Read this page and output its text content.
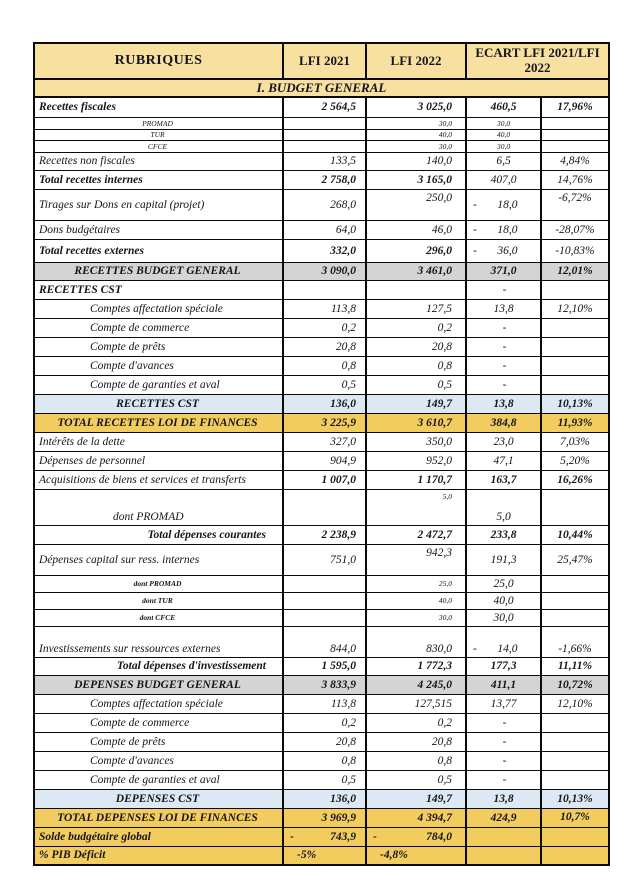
RUBRIQUES	LFI 2021	LFI 2022	ECART LFI 2021/LFI 2022	
I. BUDGET GENERAL				
Recettes fiscales	2 564,5	3 025,0	460,5	17,96%
PROMAD		30,0	30,0	
TUR		40,0	40,0	
CFCE		30,0	30,0	
Recettes non fiscales	133,5	140,0	6,5	4,84%
Total recettes internes	2 758,0	3 165,0	407,0	14,76%
Tirages sur Dons en capital (projet)	268,0	250,0	- 18,0	-6,72%
Dons budgétaires	64,0	46,0	- 18,0	-28,07%
Total recettes externes	332,0	296,0	- 36,0	-10,83%
RECETTES BUDGET GENERAL	3 090,0	3 461,0	371,0	12,01%
RECETTES CST			-	
Comptes affectation spéciale	113,8	127,5	13,8	12,10%
Compte de commerce	0,2	0,2	-	
Compte de prêts	20,8	20,8	-	
Compte d'avances	0,8	0,8	-	
Compte de garanties et aval	0,5	0,5	-	
RECETTES CST	136,0	149,7	13,8	10,13%
TOTAL RECETTES LOI DE FINANCES	3 225,9	3 610,7	384,8	11,93%
Intérêts de la dette	327,0	350,0	23,0	7,03%
Dépenses de personnel	904,9	952,0	47,1	5,20%
Acquisitions de biens et services et transferts	1 007,0	1 170,7	163,7	16,26%
dont PROMAD		5,0	5,0	
Total dépenses courantes	2 238,9	2 472,7	233,8	10,44%
Dépenses capital sur ress. internes	751,0	942,3	191,3	25,47%
dont PROMAD		25,0	25,0	
dont TUR		40,0	40,0	
dont CFCE		30,0	30,0	
Investissements sur ressources externes	844,0	830,0	- 14,0	-1,66%
Total dépenses d'investissement	1 595,0	1 772,3	177,3	11,11%
DEPENSES BUDGET GENERAL	3 833,9	4 245,0	411,1	10,72%
Comptes affectation spéciale	113,8	127,515	13,77	12,10%
Compte de commerce	0,2	0,2	-	
Compte de prêts	20,8	20,8	-	
Compte d'avances	0,8	0,8	-	
Compte de garanties et aval	0,5	0,5	-	
DEPENSES CST	136,0	149,7	13,8	10,13%
TOTAL DEPENSES LOI DE FINANCES	3 969,9	4 394,7	424,9	10,7%
Solde budgétaire global	- 743,9	- 784,0		
% PIB Déficit	-5%	-4,8%		
